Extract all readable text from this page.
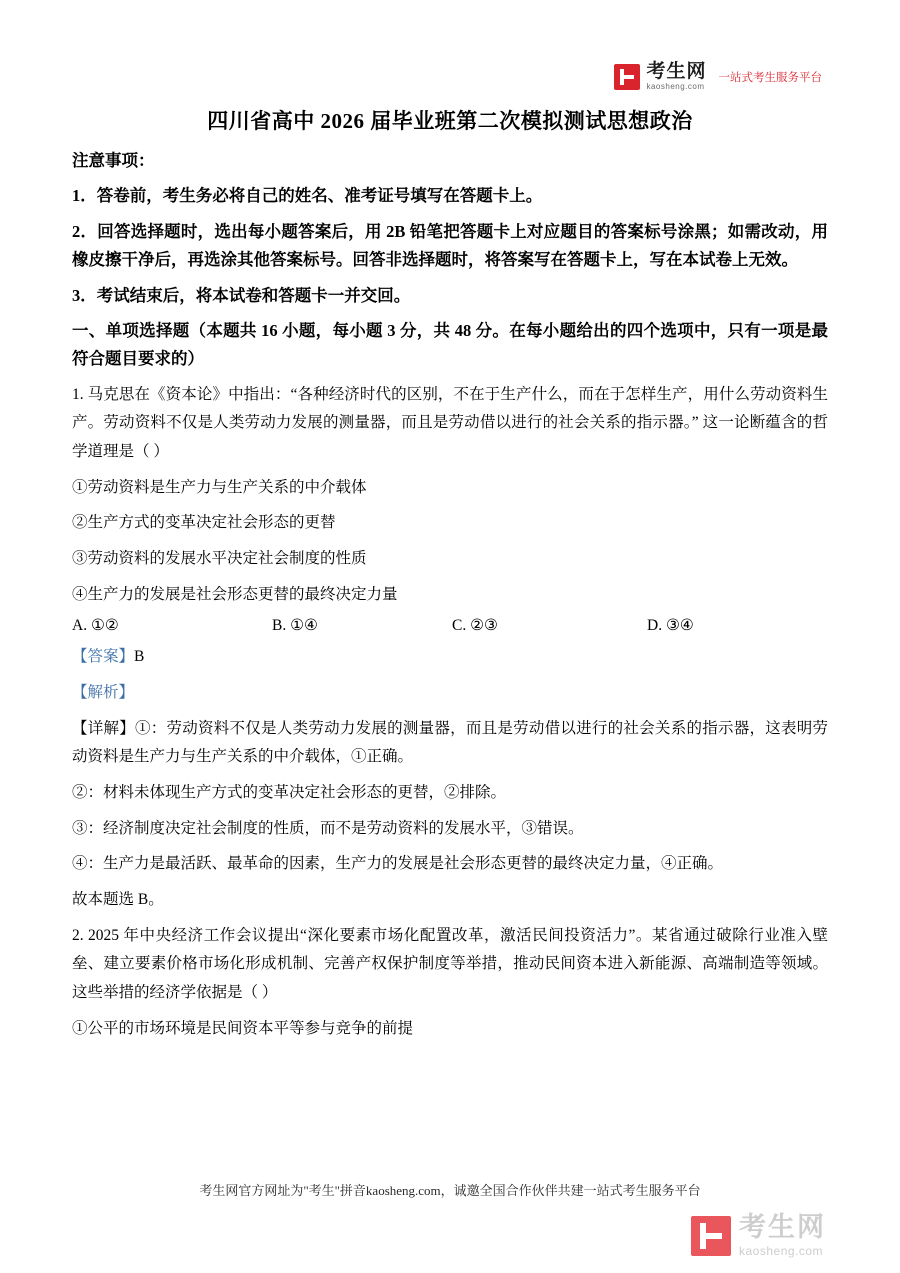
考生网
kaosheng.com
一站式考生服务平台
四川省高中 2026 届毕业班第二次模拟测试思想政治

注意事项：

1．答卷前，考生务必将自己的姓名、准考证号填写在答题卡上。

2．回答选择题时，选出每小题答案后，用 2B 铅笔把答题卡上对应题目的答案标号涂黑；如需改动，用橡皮擦干净后，再选涂其他答案标号。回答非选择题时，将答案写在答题卡上，写在本试卷上无效。

3．考试结束后，将本试卷和答题卡一并交回。

一、单项选择题（本题共 16 小题，每小题 3 分，共 48 分。在每小题给出的四个选项中，只有一项是最符合题目要求的）

1. 马克思在《资本论》中指出：“各种经济时代的区别，不在于生产什么，而在于怎样生产，用什么劳动资料生产。劳动资料不仅是人类劳动力发展的测量器，而且是劳动借以进行的社会关系的指示器。” 这一论断蕴含的哲学道理是（ ）

①劳动资料是生产力与生产关系的中介载体

②生产方式的变革决定社会形态的更替

③劳动资料的发展水平决定社会制度的性质

④生产力的发展是社会形态更替的最终决定力量

A. ①②	B. ①④	C. ②③	D. ③④

【答案】B

【解析】

【详解】①：劳动资料不仅是人类劳动力发展的测量器，而且是劳动借以进行的社会关系的指示器，这表明劳动资料是生产力与生产关系的中介载体，①正确。

②：材料未体现生产方式的变革决定社会形态的更替，②排除。

③：经济制度决定社会制度的性质，而不是劳动资料的发展水平，③错误。

④：生产力是最活跃、最革命的因素，生产力的发展是社会形态更替的最终决定力量，④正确。

故本题选 B。

2. 2025 年中央经济工作会议提出“深化要素市场化配置改革，激活民间投资活力”。某省通过破除行业准入壁垒、建立要素价格市场化形成机制、完善产权保护制度等举措，推动民间资本进入新能源、高端制造等领域。这些举措的经济学依据是（ ）

①公平的市场环境是民间资本平等参与竞争的前提

考生网官方网址为"考生"拼音kaosheng.com，诚邀全国合作伙伴共建一站式考生服务平台
考生网
kaosheng.com
